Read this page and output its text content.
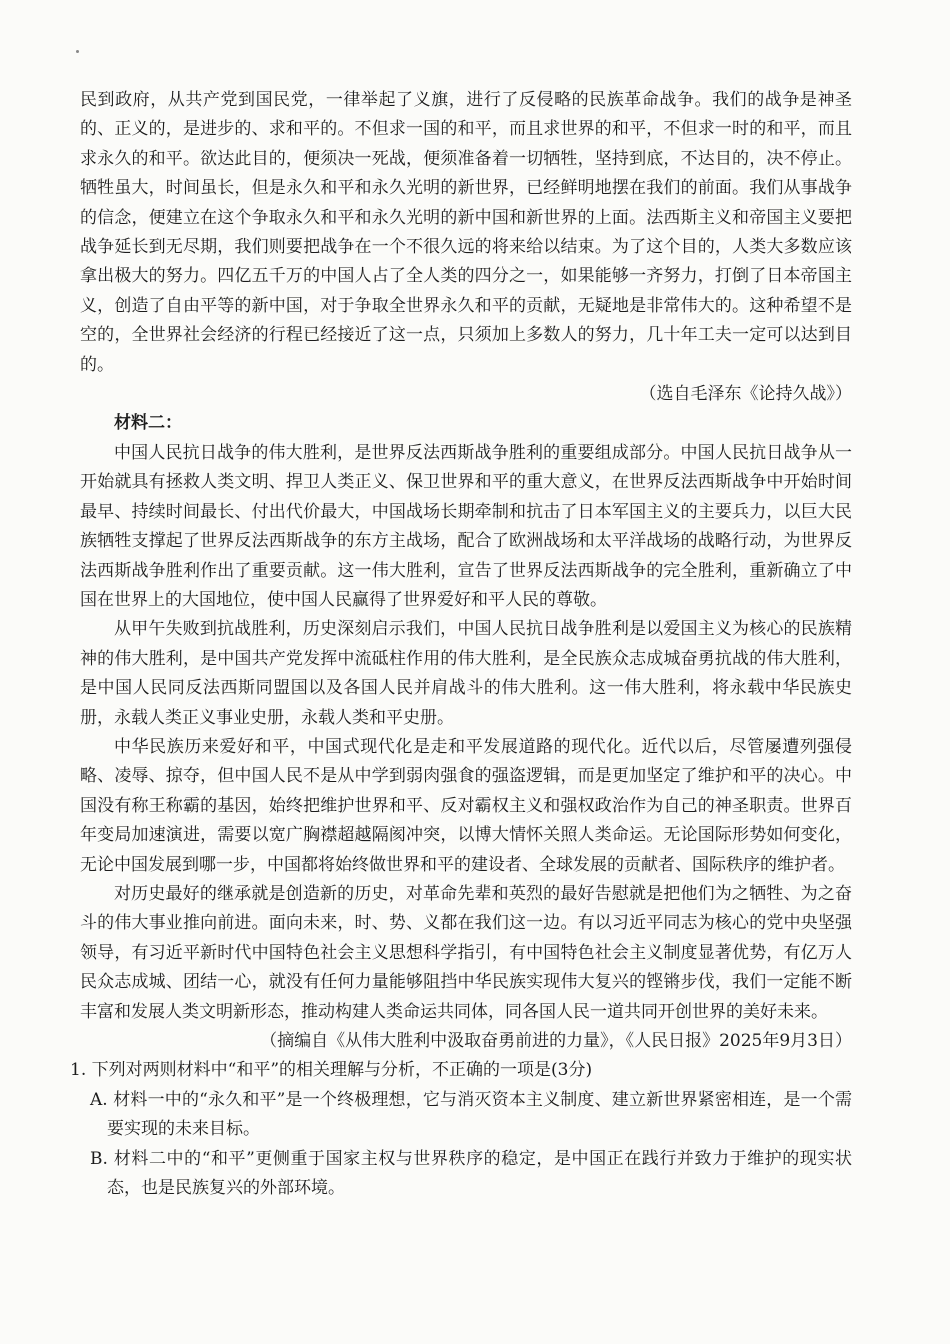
民到政府，从共产党到国民党，一律举起了义旗，进行了反侵略的民族革命战争。我们的战争是神圣的、正义的，是进步的、求和平的。不但求一国的和平，而且求世界的和平，不但求一时的和平，而且求永久的和平。欲达此目的，便须决一死战，便须准备着一切牺牲，坚持到底，不达目的，决不停止。牺牲虽大，时间虽长，但是永久和平和永久光明的新世界，已经鲜明地摆在我们的前面。我们从事战争的信念，便建立在这个争取永久和平和永久光明的新中国和新世界的上面。法西斯主义和帝国主义要把战争延长到无尽期，我们则要把战争在一个不很久远的将来给以结束。为了这个目的，人类大多数应该拿出极大的努力。四亿五千万的中国人占了全人类的四分之一，如果能够一齐努力，打倒了日本帝国主义，创造了自由平等的新中国，对于争取全世界永久和平的贡献，无疑地是非常伟大的。这种希望不是空的，全世界社会经济的行程已经接近了这一点，只须加上多数人的努力，几十年工夫一定可以达到目的。

（选自毛泽东《论持久战》）

材料二：

中国人民抗日战争的伟大胜利，是世界反法西斯战争胜利的重要组成部分。中国人民抗日战争从一开始就具有拯救人类文明、捍卫人类正义、保卫世界和平的重大意义，在世界反法西斯战争中开始时间最早、持续时间最长、付出代价最大，中国战场长期牵制和抗击了日本军国主义的主要兵力，以巨大民族牺牲支撑起了世界反法西斯战争的东方主战场，配合了欧洲战场和太平洋战场的战略行动，为世界反法西斯战争胜利作出了重要贡献。这一伟大胜利，宣告了世界反法西斯战争的完全胜利，重新确立了中国在世界上的大国地位，使中国人民赢得了世界爱好和平人民的尊敬。

从甲午失败到抗战胜利，历史深刻启示我们，中国人民抗日战争胜利是以爱国主义为核心的民族精神的伟大胜利，是中国共产党发挥中流砥柱作用的伟大胜利，是全民族众志成城奋勇抗战的伟大胜利，是中国人民同反法西斯同盟国以及各国人民并肩战斗的伟大胜利。这一伟大胜利，将永载中华民族史册，永载人类正义事业史册，永载人类和平史册。

中华民族历来爱好和平，中国式现代化是走和平发展道路的现代化。近代以后，尽管屡遭列强侵略、凌辱、掠夺，但中国人民不是从中学到弱肉强食的强盗逻辑，而是更加坚定了维护和平的决心。中国没有称王称霸的基因，始终把维护世界和平、反对霸权主义和强权政治作为自己的神圣职责。世界百年变局加速演进，需要以宽广胸襟超越隔阂冲突，以博大情怀关照人类命运。无论国际形势如何变化，无论中国发展到哪一步，中国都将始终做世界和平的建设者、全球发展的贡献者、国际秩序的维护者。

对历史最好的继承就是创造新的历史，对革命先辈和英烈的最好告慰就是把他们为之牺牲、为之奋斗的伟大事业推向前进。面向未来，时、势、义都在我们这一边。有以习近平同志为核心的党中央坚强领导，有习近平新时代中国特色社会主义思想科学指引，有中国特色社会主义制度显著优势，有亿万人民众志成城、团结一心，就没有任何力量能够阻挡中华民族实现伟大复兴的铿锵步伐，我们一定能不断丰富和发展人类文明新形态，推动构建人类命运共同体，同各国人民一道共同开创世界的美好未来。

（摘编自《从伟大胜利中汲取奋勇前进的力量》，《人民日报》2025年9月3日）

1. 下列对两则材料中“和平”的相关理解与分析，不正确的一项是(3分)

A. 材料一中的“永久和平”是一个终极理想，它与消灭资本主义制度、建立新世界紧密相连，是一个需要实现的未来目标。

B. 材料二中的“和平”更侧重于国家主权与世界秩序的稳定，是中国正在践行并致力于维护的现实状态，也是民族复兴的外部环境。
